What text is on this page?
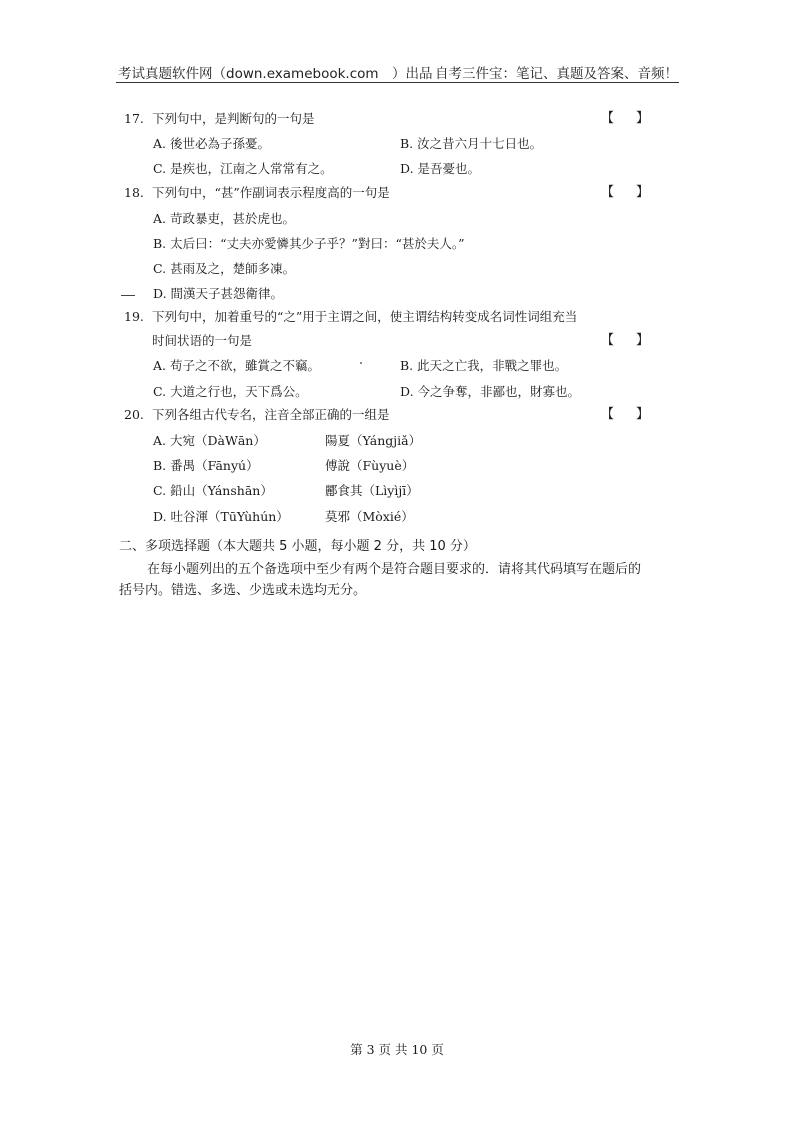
考试真题软件网（down.examebook.com　）出品 自考三件宝：笔记、真题及答案、音频！
17. 下列句中，是判断句的一句是	【 】
A. 後世必為子孫憂。	B. 汝之昔六月十七日也。
C. 是疾也，江南之人常常有之。	D. 是吾憂也。
18. 下列句中，“甚”作副词表示程度高的一句是	【 】
A. 苛政暴吏，甚於虎也。
B. 太后曰：“丈夫亦愛憐其少子乎？”對曰：“甚於夫人。”
C. 甚雨及之，楚師多凍。
D. 間漢天子甚怨衛律。
19. 下列句中，加着重号的“之”用于主谓之间，使主谓结构转变成名词性词组充当
时间状语的一句是	【 】
A. 苟子之不欲，雖賞之不竊。	B. 此天之亡我，非戰之罪也。
C. 大道之行也，天下爲公。	D. 今之争奪，非鄙也，財寡也。
20. 下列各组古代专名，注音全部正确的一组是	【 】
A. 大宛（DàWān）	陽夏（Yángjiǎ）
B. 番禺（Fānyú）	傅說（Fùyuè）
C. 鉛山（Yánshān）	酈食其（Lìyìjī）
D. 吐谷渾（TūYùhún）	莫邪（Mòxié）
二、多项选择题（本大题共 5 小题，每小题 2 分，共 10 分）
在每小题列出的五个备选项中至少有两个是符合题目要求的．请将其代码填写在题后的
括号内。错选、多选、少选或未选均无分。
第 3 页 共 10 页
